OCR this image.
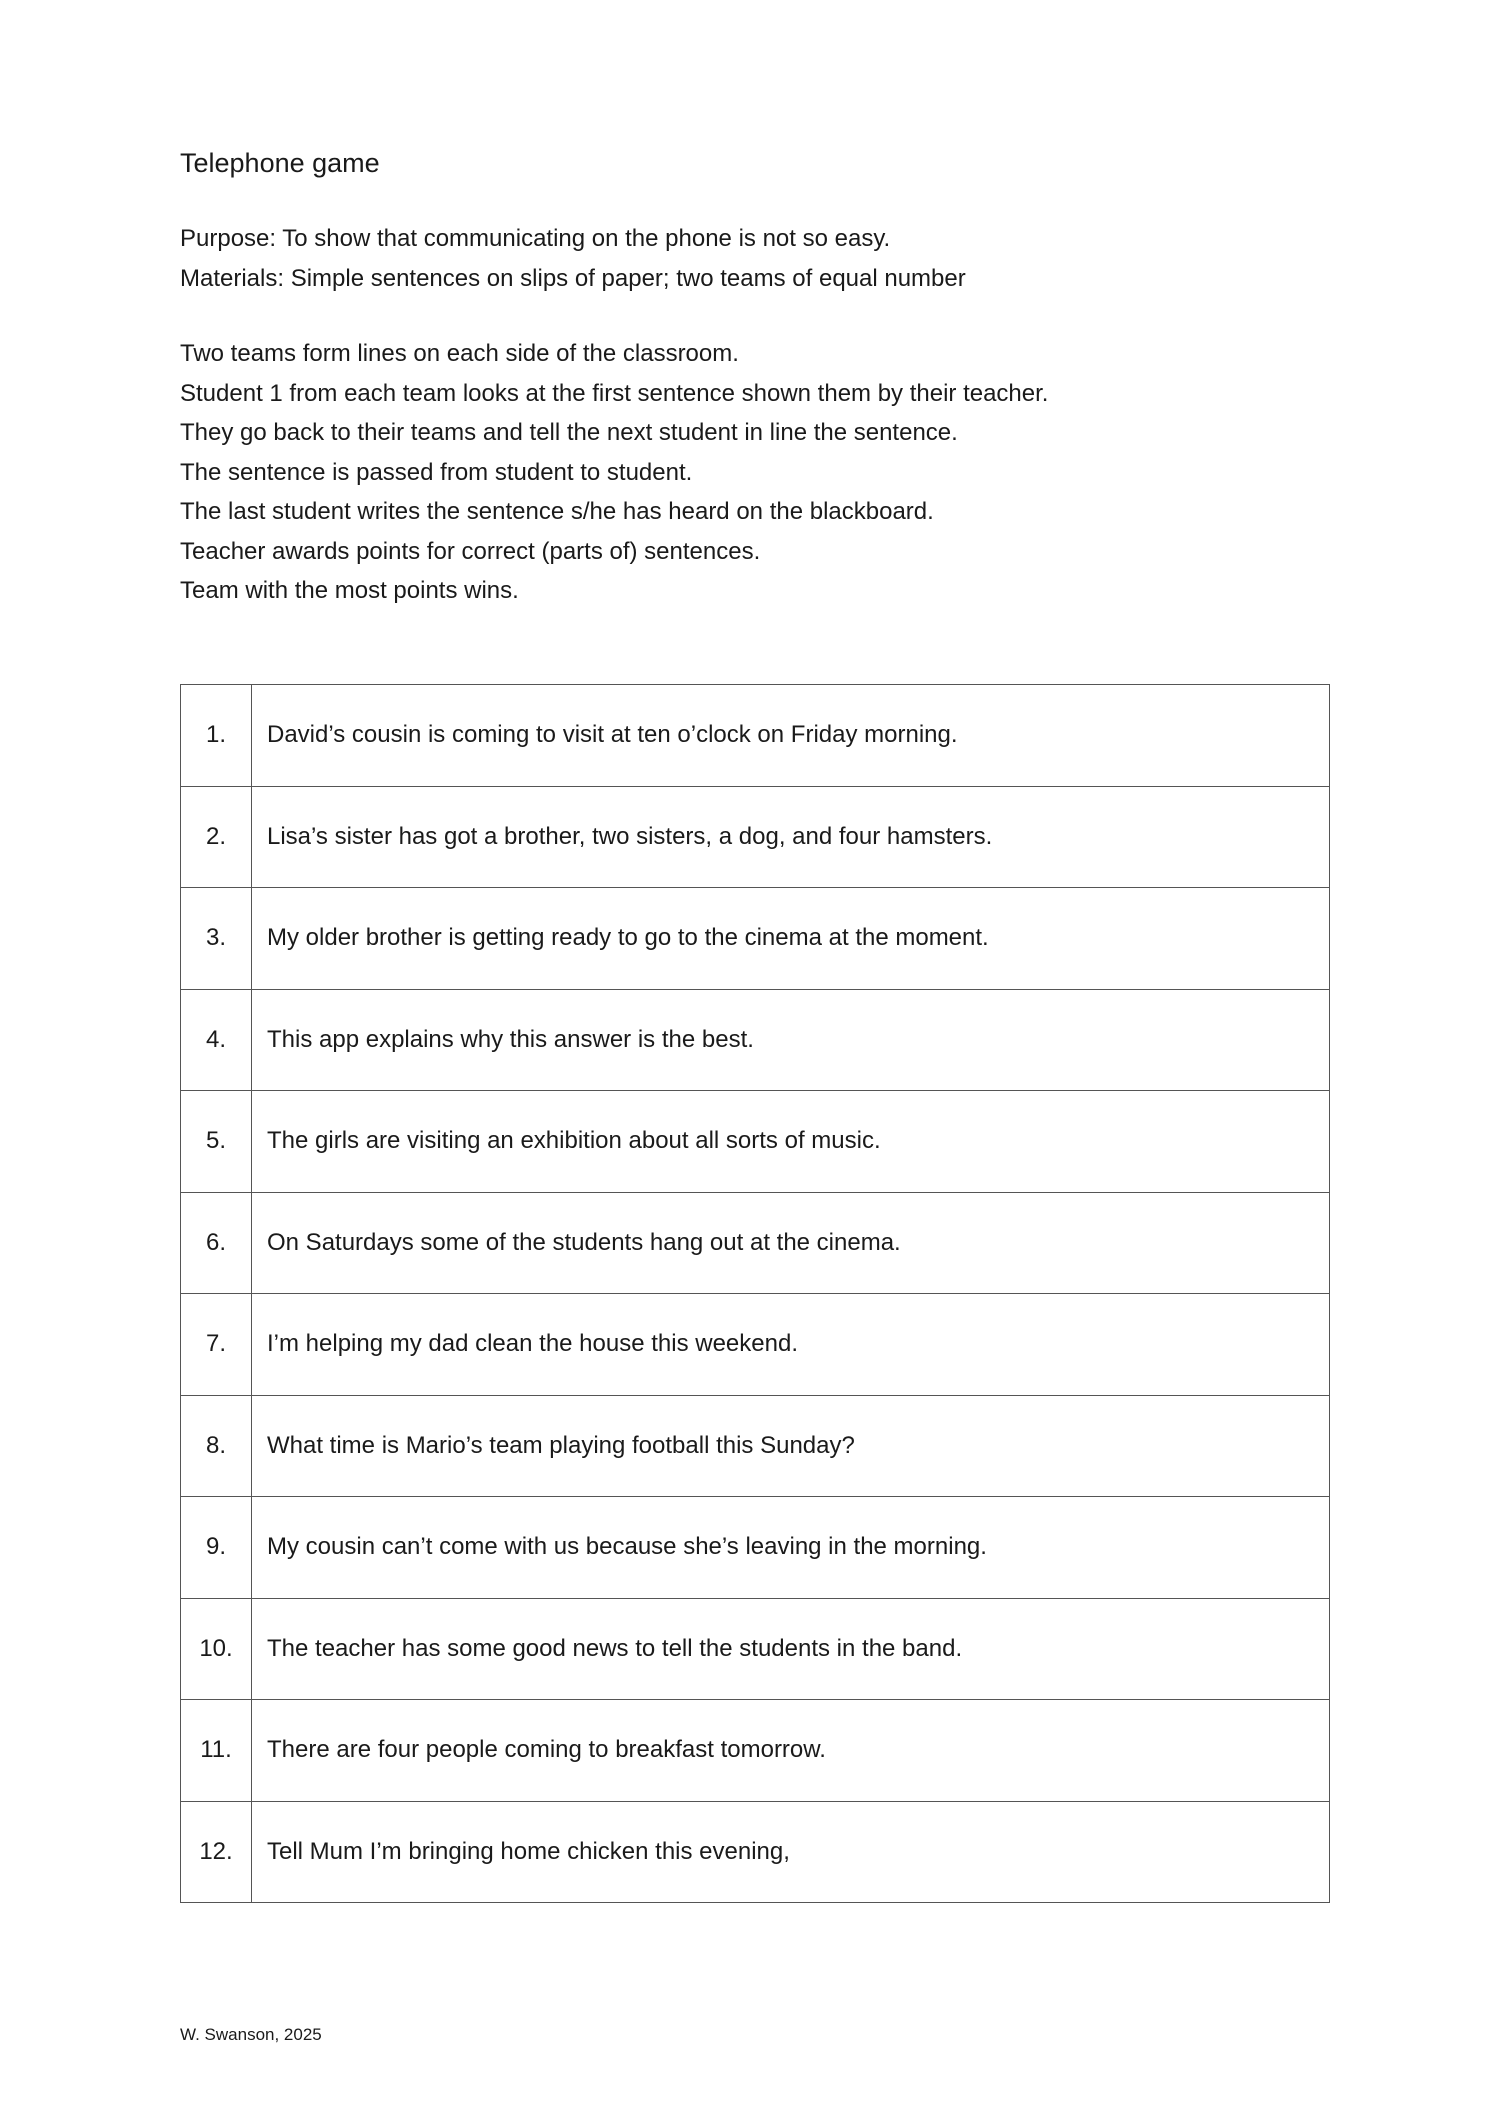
Telephone game
Purpose: To show that communicating on the phone is not so easy.
Materials: Simple sentences on slips of paper; two teams of equal number
Two teams form lines on each side of the classroom.
Student 1 from each team looks at the first sentence shown them by their teacher.
They go back to their teams and tell the next student in line the sentence.
The sentence is passed from student to student.
The last student writes the sentence s/he has heard on the blackboard.
Teacher awards points for correct (parts of) sentences.
Team with the most points wins.
1.	David’s cousin is coming to visit at ten o’clock on Friday morning.
2.	Lisa’s sister has got a brother, two sisters, a dog, and four hamsters.
3.	My older brother is getting ready to go to the cinema at the moment.
4.	This app explains why this answer is the best.
5.	The girls are visiting an exhibition about all sorts of music.
6.	On Saturdays some of the students hang out at the cinema.
7.	I’m helping my dad clean the house this weekend.
8.	What time is Mario’s team playing football this Sunday?
9.	My cousin can’t come with us because she’s leaving in the morning.
10.	The teacher has some good news to tell the students in the band.
11.	There are four people coming to breakfast tomorrow.
12.	Tell Mum I’m bringing home chicken this evening,
W. Swanson, 2025
